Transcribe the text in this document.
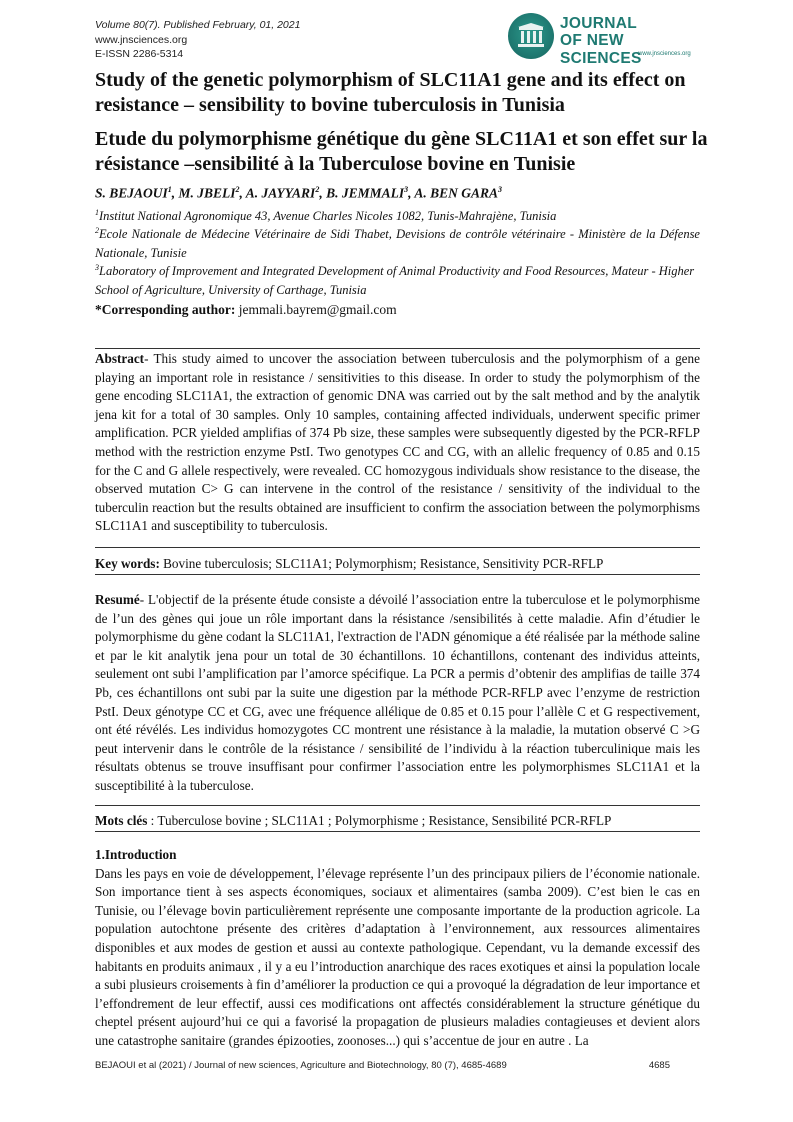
Volume 80(7). Published February, 01, 2021
www.jnsciences.org
E-ISSN 2286-5314
JOURNAL
OF NEW SCIENCES
www.jnsciences.org
Study of the genetic polymorphism of SLC11A1 gene and its effect on resistance – sensibility to bovine tuberculosis in Tunisia
Etude du polymorphisme génétique du gène SLC11A1 et son effet sur la résistance –sensibilité à la Tuberculose bovine en Tunisie
S. BEJAOUI$^1$, M. JBELI$^2$, A. JAYYARI$^2$, B. JEMMALI$^3$, A. BEN GARA$^3$
$^1$Institut National Agronomique 43, Avenue Charles Nicoles 1082, Tunis-Mahrajène, Tunisia
$^2$Ecole Nationale de Médecine Vétérinaire de Sidi Thabet, Devisions de contrôle vétérinaire - Ministère de la Défense Nationale, Tunisie
$^3$Laboratory of Improvement and Integrated Development of Animal Productivity and Food Resources, Mateur - Higher School of Agriculture, University of Carthage, Tunisia
*Corresponding author: jemmali.bayrem@gmail.com
Abstract- This study aimed to uncover the association between tuberculosis and the polymorphism of a gene playing an important role in resistance / sensitivities to this disease. In order to study the polymorphism of the gene encoding SLC11A1, the extraction of genomic DNA was carried out by the salt method and by the analytik jena kit for a total of 30 samples. Only 10 samples, containing affected individuals, underwent specific primer amplification. PCR yielded amplifias of 374 Pb size, these samples were subsequently digested by the PCR-RFLP method with the restriction enzyme PstI. Two genotypes CC and CG, with an allelic frequency of 0.85 and 0.15 for the C and G allele respectively, were revealed. CC homozygous individuals show resistance to the disease, the observed mutation C> G can intervene in the control of the resistance / sensitivity of the individual to the tuberculin reaction but the results obtained are insufficient to confirm the association between the polymorphisms SLC11A1 and susceptibility to tuberculosis.
Key words: Bovine tuberculosis; SLC11A1; Polymorphism; Resistance, Sensitivity PCR-RFLP
Resumé- L'objectif de la présente étude consiste a dévoilé l’association entre la tuberculose et le polymorphisme de l’un des gènes qui joue un rôle important dans la résistance /sensibilités à cette maladie. Afin d’étudier le polymorphisme du gène codant la SLC11A1, l'extraction de l'ADN génomique a été réalisée par la méthode saline et par le kit analytik jena pour un total de 30 échantillons. 10 échantillons, contenant des individus atteints, seulement ont subi l’amplification par l’amorce spécifique. La PCR a permis d’obtenir des amplifias de taille 374 Pb, ces échantillons ont subi par la suite une digestion par la méthode PCR-RFLP avec l’enzyme de restriction PstI. Deux génotype CC et CG, avec une fréquence allélique de 0.85 et 0.15 pour l’allèle C et G respectivement, ont été révélés. Les individus homozygotes CC montrent une résistance à la maladie, la mutation observé C >G peut intervenir dans le contrôle de la résistance / sensibilité de l’individu à la réaction tuberculinique mais les résultats obtenus se trouve insuffisant pour confirmer l’association entre les polymorphismes SLC11A1 et la susceptibilité à la tuberculose.
Mots clés : Tuberculose bovine ; SLC11A1 ; Polymorphisme ; Resistance, Sensibilité PCR-RFLP
1.Introduction
Dans les pays en voie de développement, l’élevage représente l’un des principaux piliers de l’économie nationale. Son importance tient à ses aspects économiques, sociaux et alimentaires (samba 2009). C’est bien le cas en Tunisie, ou l’élevage bovin particulièrement représente une composante importante de la production agricole. La population autochtone présente des critères d’adaptation à l’environnement, aux ressources alimentaires disponibles et aux modes de gestion et aussi au contexte pathologique. Cependant, vu la demande excessif des habitants en produits animaux , il y a eu l’introduction anarchique des races exotiques et ainsi la population locale a subi plusieurs croisements à fin d’améliorer la production ce qui a provoqué la dégradation de leur importance et l’effondrement de leur effectif, aussi ces modifications ont affectés considérablement la structure génétique du cheptel présent aujourd’hui ce qui a favorisé la propagation de plusieurs maladies contagieuses et devient alors une catastrophe sanitaire (grandes épizooties, zoonoses...) qui s’accentue de jour en autre . La
BEJAOUI et al (2021) / Journal of new sciences, Agriculture and Biotechnology, 80 (7), 4685-4689	4685
